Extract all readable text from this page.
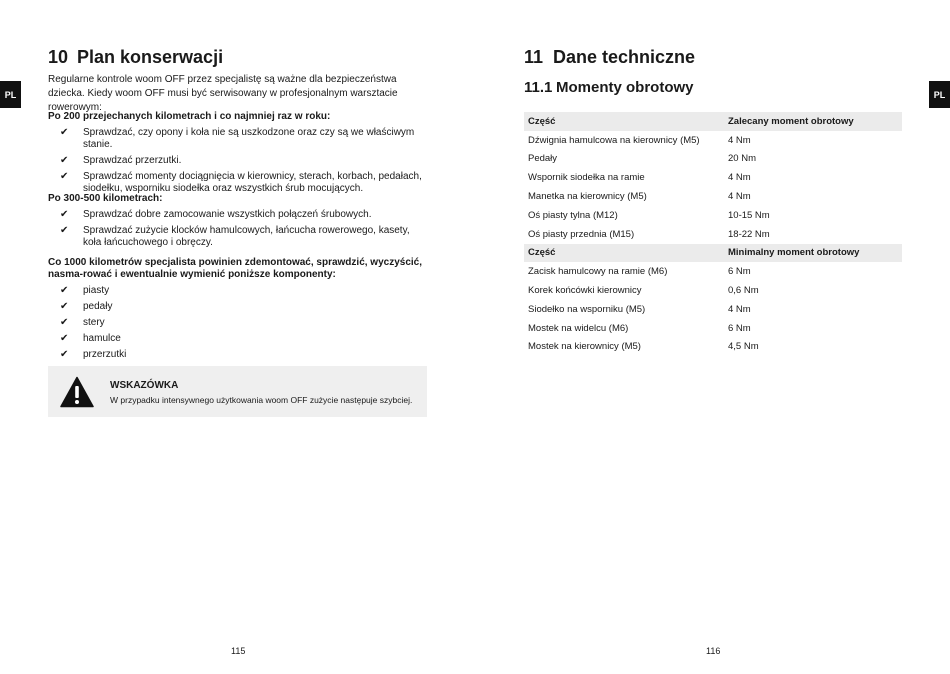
PL	PL
10 Plan konserwacji
Regularne kontrole woom OFF przez specjalistę są ważne dla bezpieczeństwa dziecka. Kiedy woom OFF musi być serwisowany w profesjonalnym warsztacie rowerowym:
Po 200 przejechanych kilometrach i co najmniej raz w roku:
✔ Sprawdzać, czy opony i koła nie są uszkodzone oraz czy są we właściwym stanie.
✔ Sprawdzać przerzutki.
✔ Sprawdzać momenty dociągnięcia w kierownicy, sterach, korbach, pedałach, siodełku, wsporniku siodełka oraz wszystkich śrub mocujących.
Po 300-500 kilometrach:
✔ Sprawdzać dobre zamocowanie wszystkich połączeń śrubowych.
✔ Sprawdzać zużycie klocków hamulcowych, łańcucha rowerowego, kasety, koła łańcuchowego i obręczy.
Co 1000 kilometrów specjalista powinien zdemontować, sprawdzić, wyczyścić, nasma-rować i ewentualnie wymienić poniższe komponenty:
✔ piasty
✔ pedały
✔ stery
✔ hamulce
✔ przerzutki
WSKAZÓWKA
W przypadku intensywnego użytkowania woom OFF zużycie następuje szybciej.
115
11 Dane techniczne
11.1 Momenty obrotowy
Część	Zalecany moment obrotowy
Dźwignia hamulcowa na kierownicy (M5)	4 Nm
Pedały	20 Nm
Wspornik siodełka na ramie	4 Nm
Manetka na kierownicy (M5)	4 Nm
Oś piasty tylna (M12)	10-15 Nm
Oś piasty przednia (M15)	18-22 Nm
Część	Minimalny moment obrotowy
Zacisk hamulcowy na ramie (M6)	6 Nm
Korek końcówki kierownicy	0,6 Nm
Siodełko na wsporniku (M5)	4 Nm
Mostek na widelcu (M6)	6 Nm
Mostek na kierownicy (M5)	4,5 Nm
116
